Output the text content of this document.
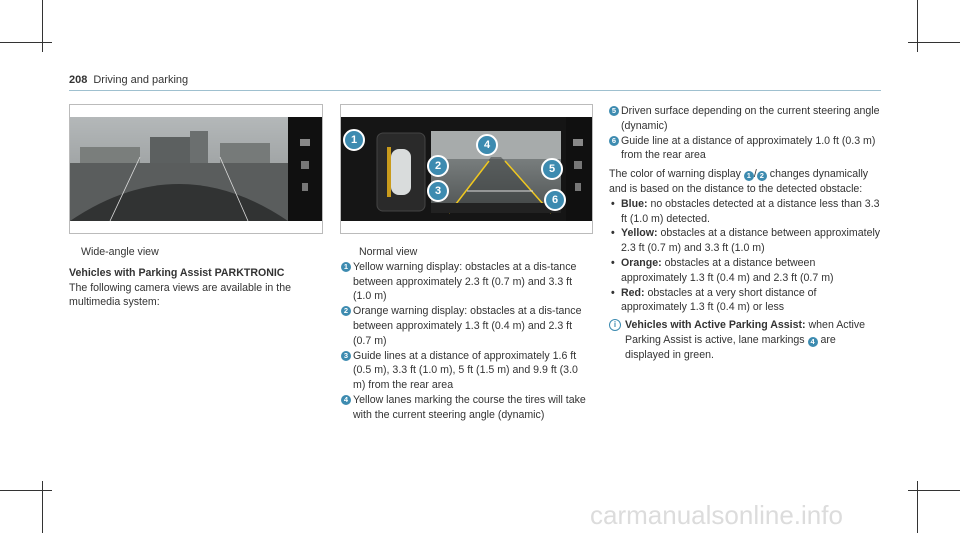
208 Driving and parking

Wide-angle view

Vehicles with Parking Assist PARKTRONIC

The following camera views are available in the multimedia system:

1
2
3
4
5
6

Normal view

1 Yellow warning display: obstacles at a dis-tance between approximately 2.3 ft (0.7 m) and 3.3 ft (1.0 m)
2 Orange warning display: obstacles at a dis-tance between approximately 1.3 ft (0.4 m) and 2.3 ft (0.7 m)
3 Guide lines at a distance of approximately 1.6 ft (0.5 m), 3.3 ft (1.0 m), 5 ft (1.5 m) and 9.9 ft (3.0 m) from the rear area
4 Yellow lanes marking the course the tires will take with the current steering angle (dynamic)
5 Driven surface depending on the current steering angle (dynamic)
6 Guide line at a distance of approximately 1.0 ft (0.3 m) from the rear area

The color of warning display 1 / 2 changes dynamically and is based on the distance to the detected obstacle:

• Blue: no obstacles detected at a distance less than 3.3 ft (1.0 m) detected.
• Yellow: obstacles at a distance between approximately 2.3 ft (0.7 m) and 3.3 ft (1.0 m)
• Orange: obstacles at a distance between approximately 1.3 ft (0.4 m) and 2.3 ft (0.7 m)
• Red: obstacles at a very short distance of approximately 1.3 ft (0.4 m) or less
i Vehicles with Active Parking Assist: when Active Parking Assist is active, lane markings 4 are displayed in green.
carmanualsonline.info
